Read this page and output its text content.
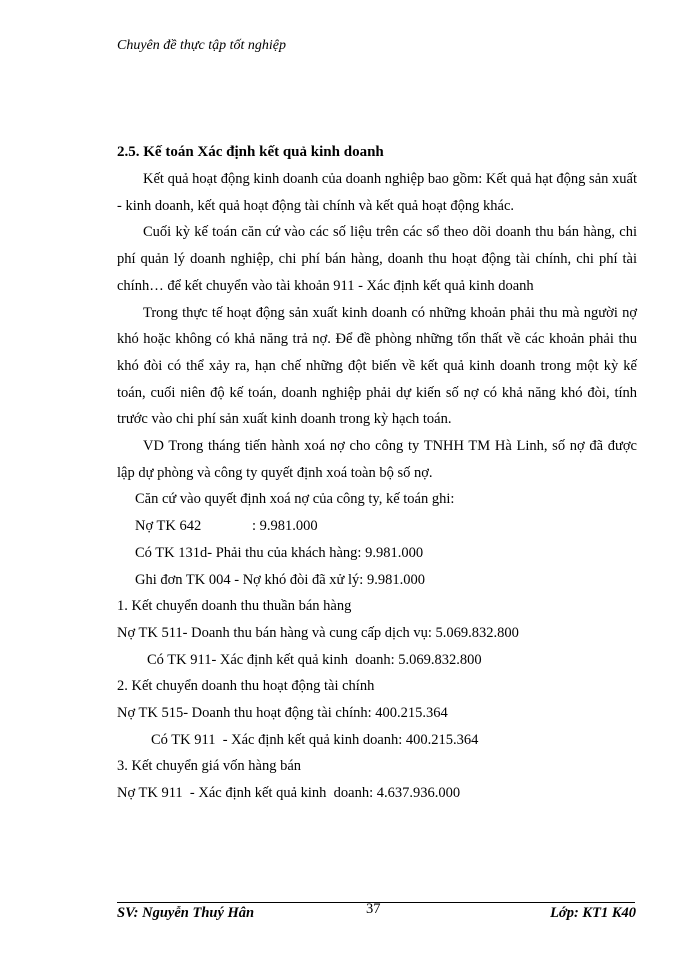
Chuyên đề thực tập tốt nghiệp
2.5. Kế toán Xác định kết quả kinh doanh

Kết quả hoạt động kinh doanh của doanh nghiệp bao gồm: Kết quả hạt động sản xuất - kinh doanh, kết quả hoạt động tài chính và kết quả hoạt động khác.

Cuối kỳ kế toán căn cứ vào các số liệu trên các sổ theo dõi doanh thu bán hàng, chi phí quản lý doanh nghiệp, chi phí bán hàng, doanh thu hoạt động tài chính, chi phí tài chính… để kết chuyển vào tài khoản 911 - Xác định kết quả kinh doanh

Trong thực tế hoạt động sản xuất kinh doanh có những khoản phải thu mà người nợ khó hoặc không có khả năng trả nợ. Để đề phòng những tổn thất về các khoản phải thu khó đòi có thể xảy ra, hạn chế những đột biến về kết quả kinh doanh trong một kỳ kế toán, cuối niên độ kế toán, doanh nghiệp phải dự kiến số nợ có khả năng khó đòi, tính trước vào chi phí sản xuất kinh doanh trong kỳ hạch toán.

VD Trong tháng tiến hành xoá nợ cho công ty TNHH TM Hà Linh, số nợ đã được lập dự phòng và công ty quyết định xoá toàn bộ số nợ.

Căn cứ vào quyết định xoá nợ của công ty, kế toán ghi:

Nợ TK 642              : 9.981.000

Có TK 131d- Phải thu của khách hàng: 9.981.000

Ghi đơn TK 004 - Nợ khó đòi đã xử lý: 9.981.000

1. Kết chuyển doanh thu thuần bán hàng

Nợ TK 511- Doanh thu bán hàng và cung cấp dịch vụ: 5.069.832.800

Có TK 911- Xác định kết quả kinh  doanh: 5.069.832.800

2. Kết chuyển doanh thu hoạt động tài chính

Nợ TK 515- Doanh thu hoạt động tài chính: 400.215.364

Có TK 911  - Xác định kết quả kinh doanh: 400.215.364

3. Kết chuyển giá vốn hàng bán

Nợ TK 911  - Xác định kết quả kinh  doanh: 4.637.936.000

SV: Nguyễn Thuý Hân	37	Lớp: KT1 K40
